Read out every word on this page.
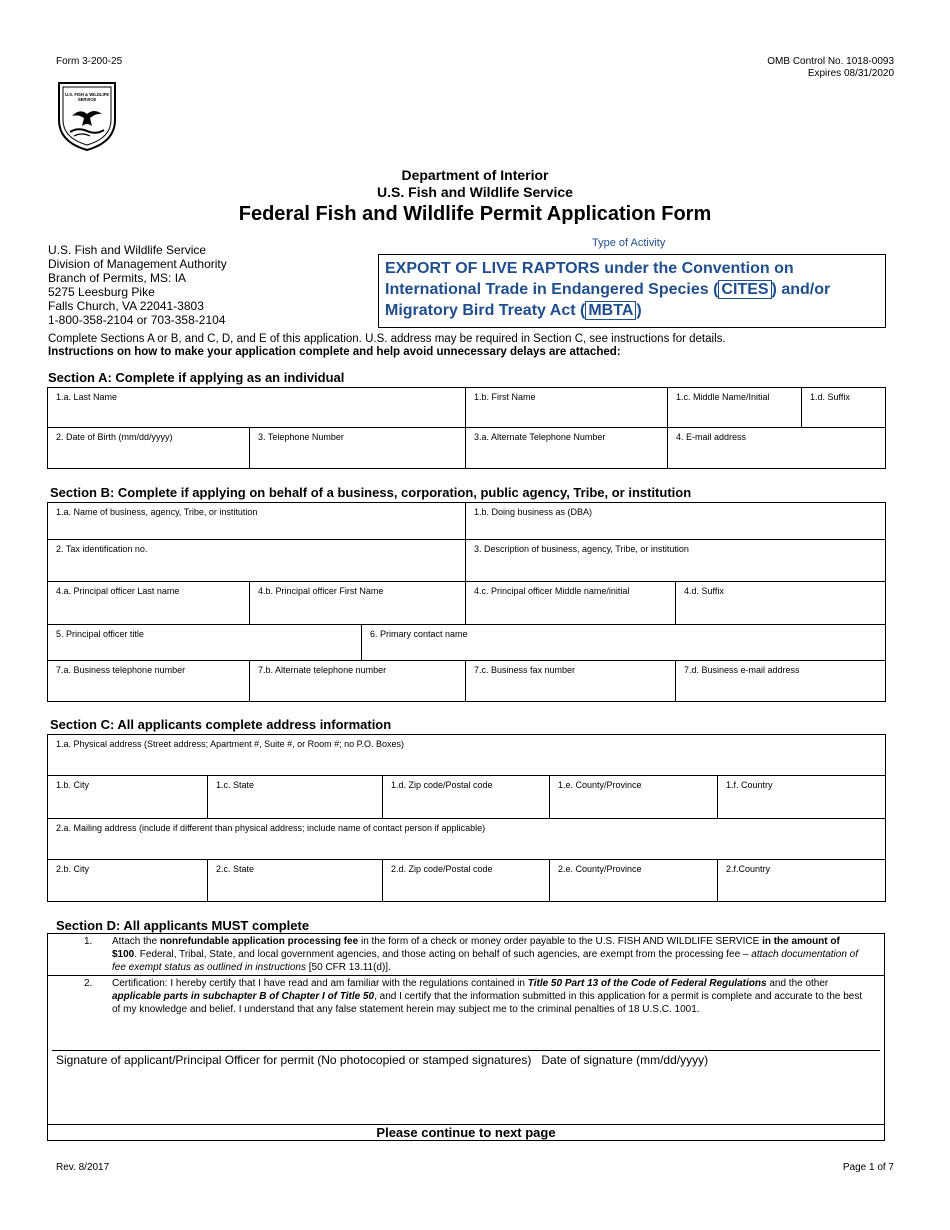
Form 3-200-25	OMB Control No. 1018-0093
Expires 08/31/2020
U.S. FISH & WILDLIFE
SERVICE
Department of Interior
U.S. Fish and Wildlife Service
Federal Fish and Wildlife Permit Application Form
U.S. Fish and Wildlife Service
Division of Management Authority
Branch of Permits, MS: IA
5275 Leesburg Pike
Falls Church, VA 22041-3803
1-800-358-2104 or 703-358-2104
Type of Activity
EXPORT OF LIVE RAPTORS under the Convention on International Trade in Endangered Species ( CITES ) and/or Migratory Bird Treaty Act ( MBTA )
Complete Sections A or B, and C, D, and E of this application. U.S. address may be required in Section C, see instructions for details. Instructions on how to make your application complete and help avoid unnecessary delays are attached:
Section A: Complete if applying as an individual
1.a. Last Name		1.b. First Name	1.c. Middle Name/Initial	1.d. Suffix
2. Date of Birth (mm/dd/yyyy)	3. Telephone Number	3.a. Alternate Telephone Number	4. E-mail address	
Section B: Complete if applying on behalf of a business, corporation, public agency, Tribe, or institution
1.a. Name of business, agency, Tribe, or institution			1.b. Doing business as (DBA)	
2. Tax identification no.			3. Description of business, agency, Tribe, or institution	
4.a. Principal officer Last name	4.b. Principal officer First Name		4.c. Principal officer Middle name/initial	4.d. Suffix
5. Principal officer title		6. Primary contact name		
7.a. Business telephone number	7.b. Alternate telephone number		7.c. Business fax number	7.d. Business e-mail address
Section C: All applicants complete address information
1.a. Physical address (Street address; Apartment #, Suite #, or Room #; no P.O. Boxes)				
1.b. City	1.c. State	1.d. Zip code/Postal code	1.e. County/Province	1.f. Country
2.a. Mailing address (include if different than physical address; include name of contact person if applicable)				
2.b. City	2.c. State	2.d. Zip code/Postal code	2.e. County/Province	2.f.Country
Section D: All applicants MUST complete
1. Attach the nonrefundable application processing fee in the form of a check or money order payable to the U.S. FISH AND WILDLIFE SERVICE in the amount of $100. Federal, Tribal, State, and local government agencies, and those acting on behalf of such agencies, are exempt from the processing fee – attach documentation of fee exempt status as outlined in instructions [50 CFR 13.11(d)].
2. Certification: I hereby certify that I have read and am familiar with the regulations contained in Title 50 Part 13 of the Code of Federal Regulations and the other applicable parts in subchapter B of Chapter I of Title 50, and I certify that the information submitted in this application for a permit is complete and accurate to the best of my knowledge and belief. I understand that any false statement herein may subject me to the criminal penalties of 18 U.S.C. 1001.
Signature of applicant/Principal Officer for permit (No photocopied or stamped signatures) Date of signature (mm/dd/yyyy)
Please continue to next page
Rev. 8/2017	Page 1 of 7
